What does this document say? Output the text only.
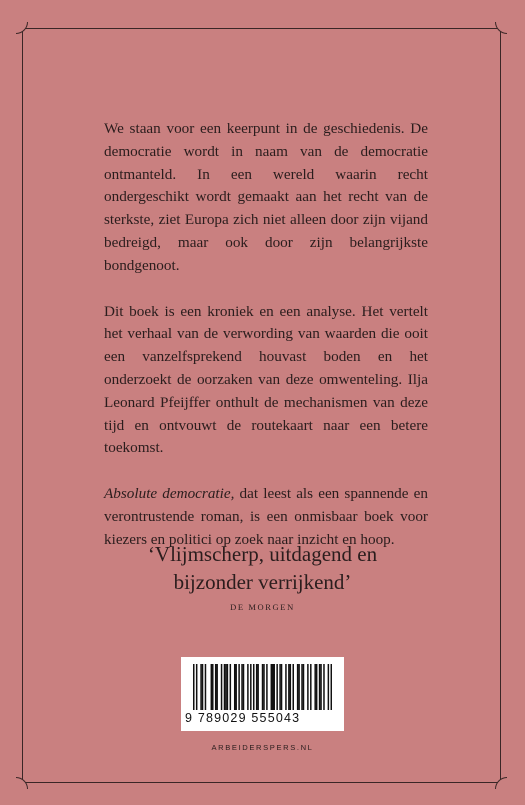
We staan voor een keerpunt in de geschiedenis. De democratie wordt in naam van de democratie ontmanteld. In een wereld waarin recht ondergeschikt wordt gemaakt aan het recht van de sterkste, ziet Europa zich niet alleen door zijn vijand bedreigd, maar ook door zijn belangrijkste bondgenoot.

Dit boek is een kroniek en een analyse. Het vertelt het verhaal van de verwording van waarden die ooit een vanzelfsprekend houvast boden en het onderzoekt de oorzaken van deze omwenteling. Ilja Leonard Pfeijffer onthult de mechanismen van deze tijd en ontvouwt de routekaart naar een betere toekomst.

Absolute democratie, dat leest als een spannende en verontrustende roman, is een onmisbaar boek voor kiezers en politici op zoek naar inzicht en hoop.

‘Vlijmscherp, uitdagend en
bijzonder verrijkend’
DE MORGEN
9 789029 555043
ARBEIDERSPERS.NL
